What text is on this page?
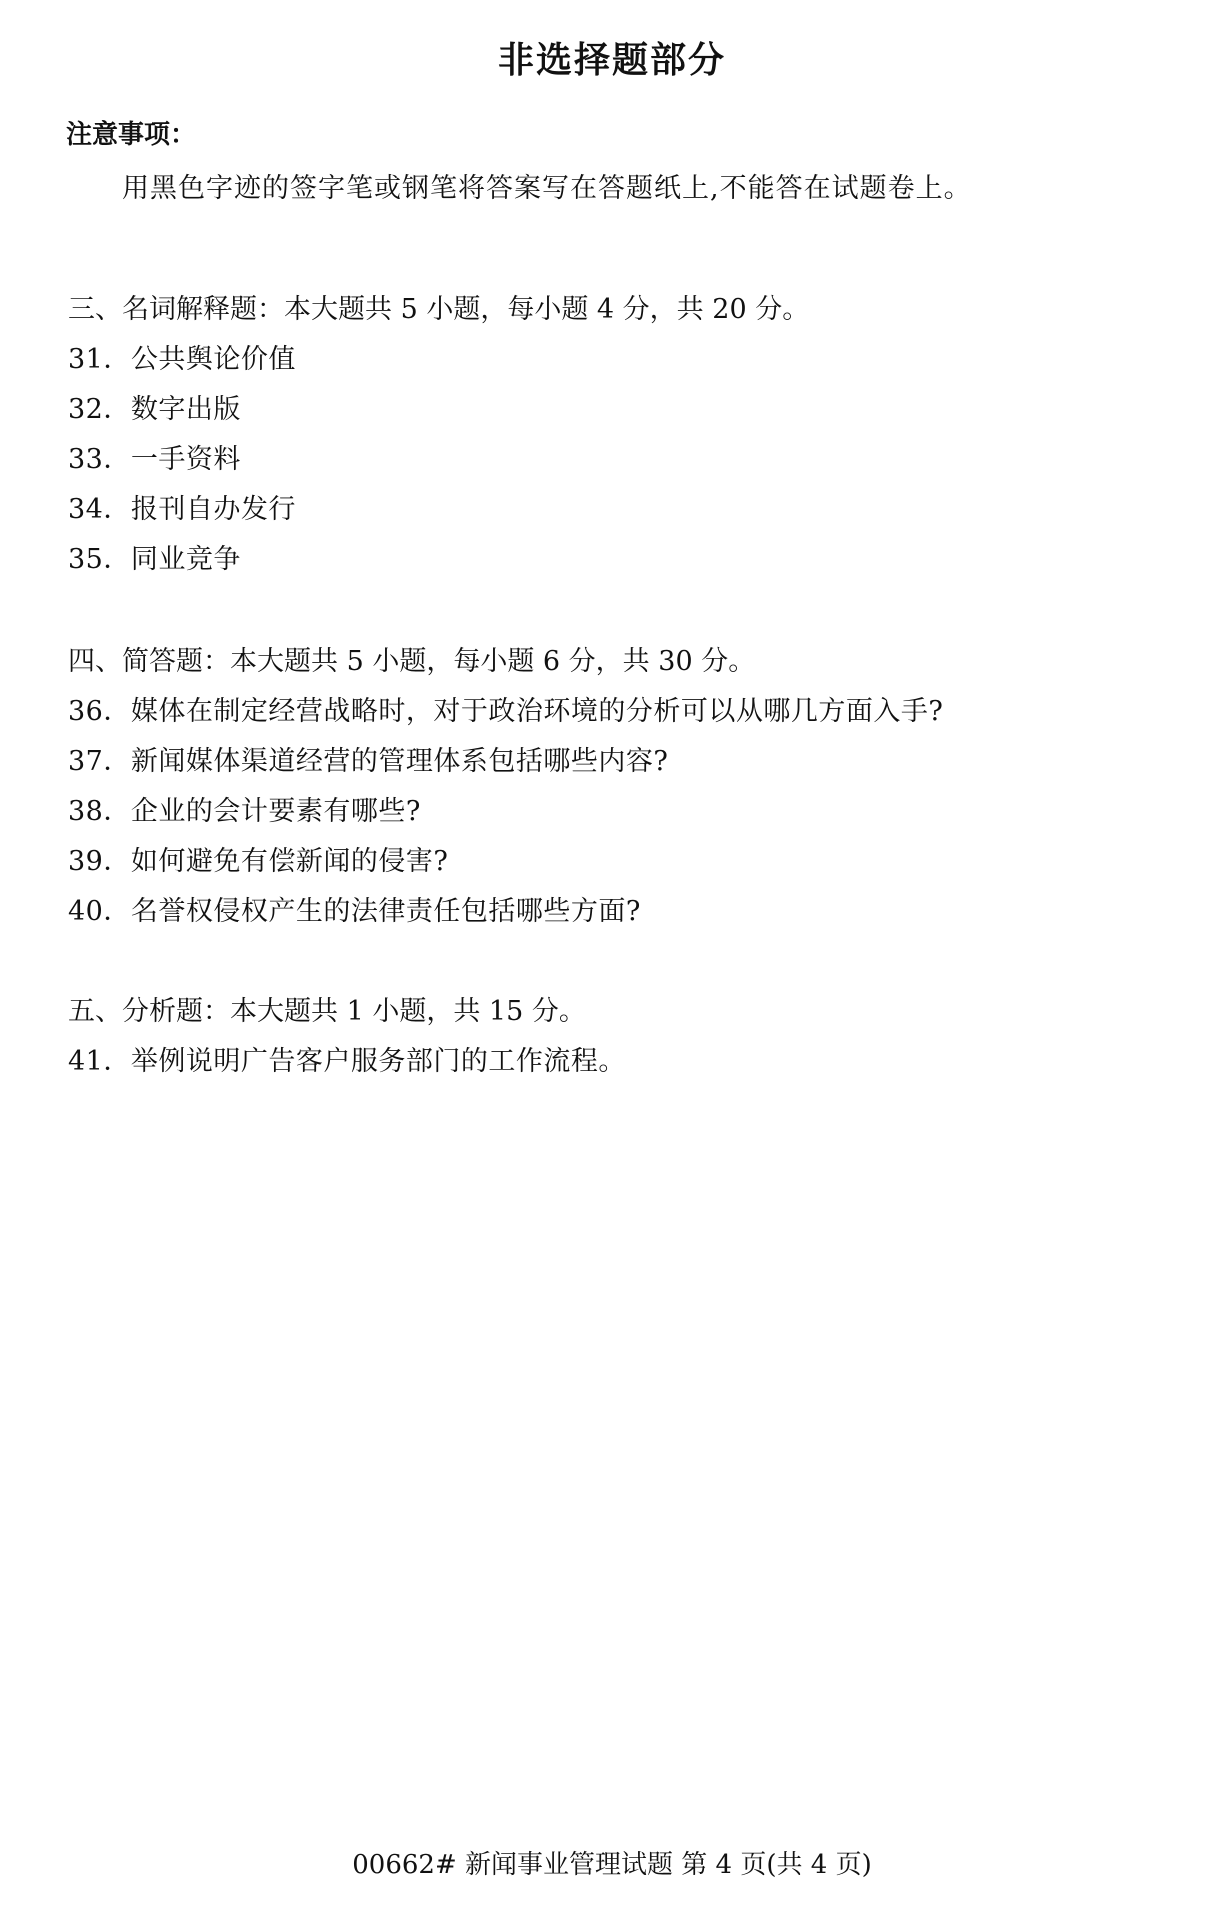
非选择题部分
注意事项：
用黑色字迹的签字笔或钢笔将答案写在答题纸上,不能答在试题卷上。
三、名词解释题：本大题共 5 小题，每小题 4 分，共 20 分。
31．公共舆论价值
32．数字出版
33．一手资料
34．报刊自办发行
35．同业竞争
四、简答题：本大题共 5 小题，每小题 6 分，共 30 分。
36．媒体在制定经营战略时，对于政治环境的分析可以从哪几方面入手?
37．新闻媒体渠道经营的管理体系包括哪些内容?
38．企业的会计要素有哪些?
39．如何避免有偿新闻的侵害?
40．名誉权侵权产生的法律责任包括哪些方面?
五、分析题：本大题共 1 小题，共 15 分。
41．举例说明广告客户服务部门的工作流程。
00662# 新闻事业管理试题 第 4 页(共 4 页)
